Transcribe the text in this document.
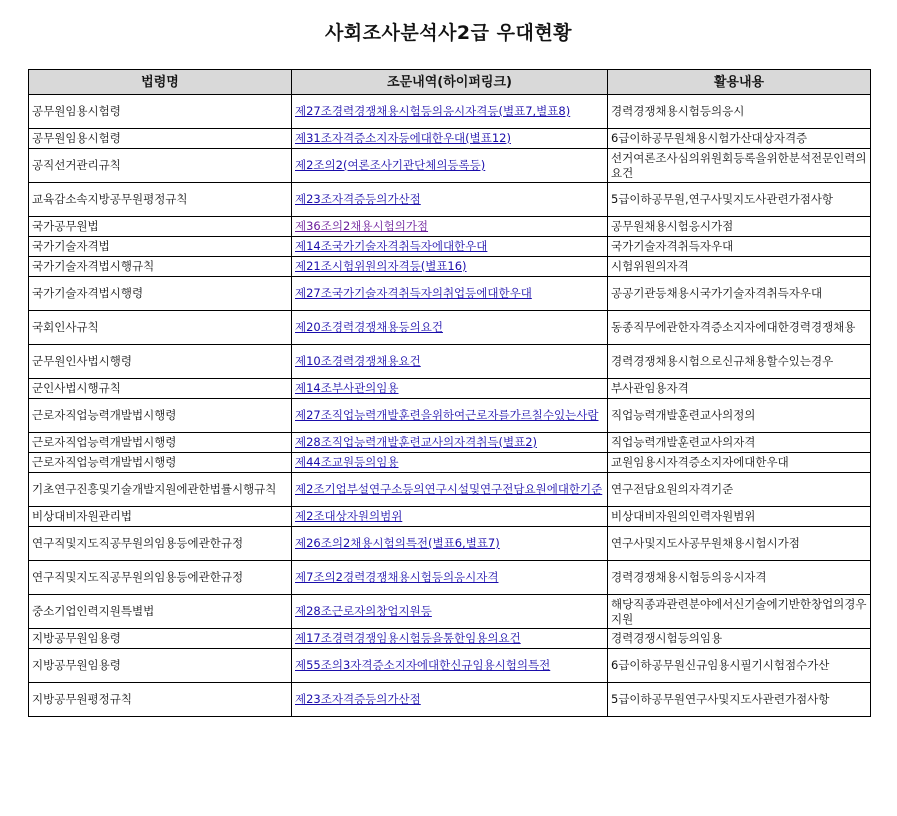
사회조사분석사2급 우대현황
법령명	조문내역(하이퍼링크)	활용내용
공무원임용시험령	제27조경력경쟁채용시험등의응시자격등(별표7,별표8)	경력경쟁채용시험등의응시
공무원임용시험령	제31조자격증소지자등에대한우대(별표12)	6급이하공무원채용시험가산대상자격증
공직선거관리규칙	제2조의2(여론조사기관단체의등록등)	선거여론조사심의위원회등록을위한분석전문인력의요건
교육감소속지방공무원평정규칙	제23조자격증등의가산점	5급이하공무원,연구사및지도사관련가점사항
국가공무원법	제36조의2채용시험의가점	공무원채용시험응시가점
국가기술자격법	제14조국가기술자격취득자에대한우대	국가기술자격취득자우대
국가기술자격법시행규칙	제21조시험위원의자격등(별표16)	시험위원의자격
국가기술자격법시행령	제27조국가기술자격취득자의취업등에대한우대	공공기관등채용시국가기술자격취득자우대
국회인사규칙	제20조경력경쟁채용등의요건	동종직무에관한자격증소지자에대한경력경쟁채용
군무원인사법시행령	제10조경력경쟁채용요건	경력경쟁채용시험으로신규채용할수있는경우
군인사법시행규칙	제14조부사관의임용	부사관임용자격
근로자직업능력개발법시행령	제27조직업능력개발훈련을위하여근로자를가르칠수있는사람	직업능력개발훈련교사의정의
근로자직업능력개발법시행령	제28조직업능력개발훈련교사의자격취득(별표2)	직업능력개발훈련교사의자격
근로자직업능력개발법시행령	제44조교원등의임용	교원임용시자격증소지자에대한우대
기초연구진흥및기술개발지원에관한법률시행규칙	제2조기업부설연구소등의연구시설및연구전담요원에대한기준	연구전담요원의자격기준
비상대비자원관리법	제2조대상자원의범위	비상대비자원의인력자원범위
연구직및지도직공무원의임용등에관한규정	제26조의2채용시험의특전(별표6,별표7)	연구사및지도사공무원채용시험시가점
연구직및지도직공무원의임용등에관한규정	제7조의2경력경쟁채용시험등의응시자격	경력경쟁채용시험등의응시자격
중소기업인력지원특별법	제28조근로자의창업지원등	해당직종과관련분야에서신기술에기반한창업의경우지원
지방공무원임용령	제17조경력경쟁임용시험등을통한임용의요건	경력경쟁시험등의임용
지방공무원임용령	제55조의3자격증소지자에대한신규임용시험의특전	6급이하공무원신규임용시필기시험점수가산
지방공무원평정규칙	제23조자격증등의가산점	5급이하공무원연구사및지도사관련가점사항
